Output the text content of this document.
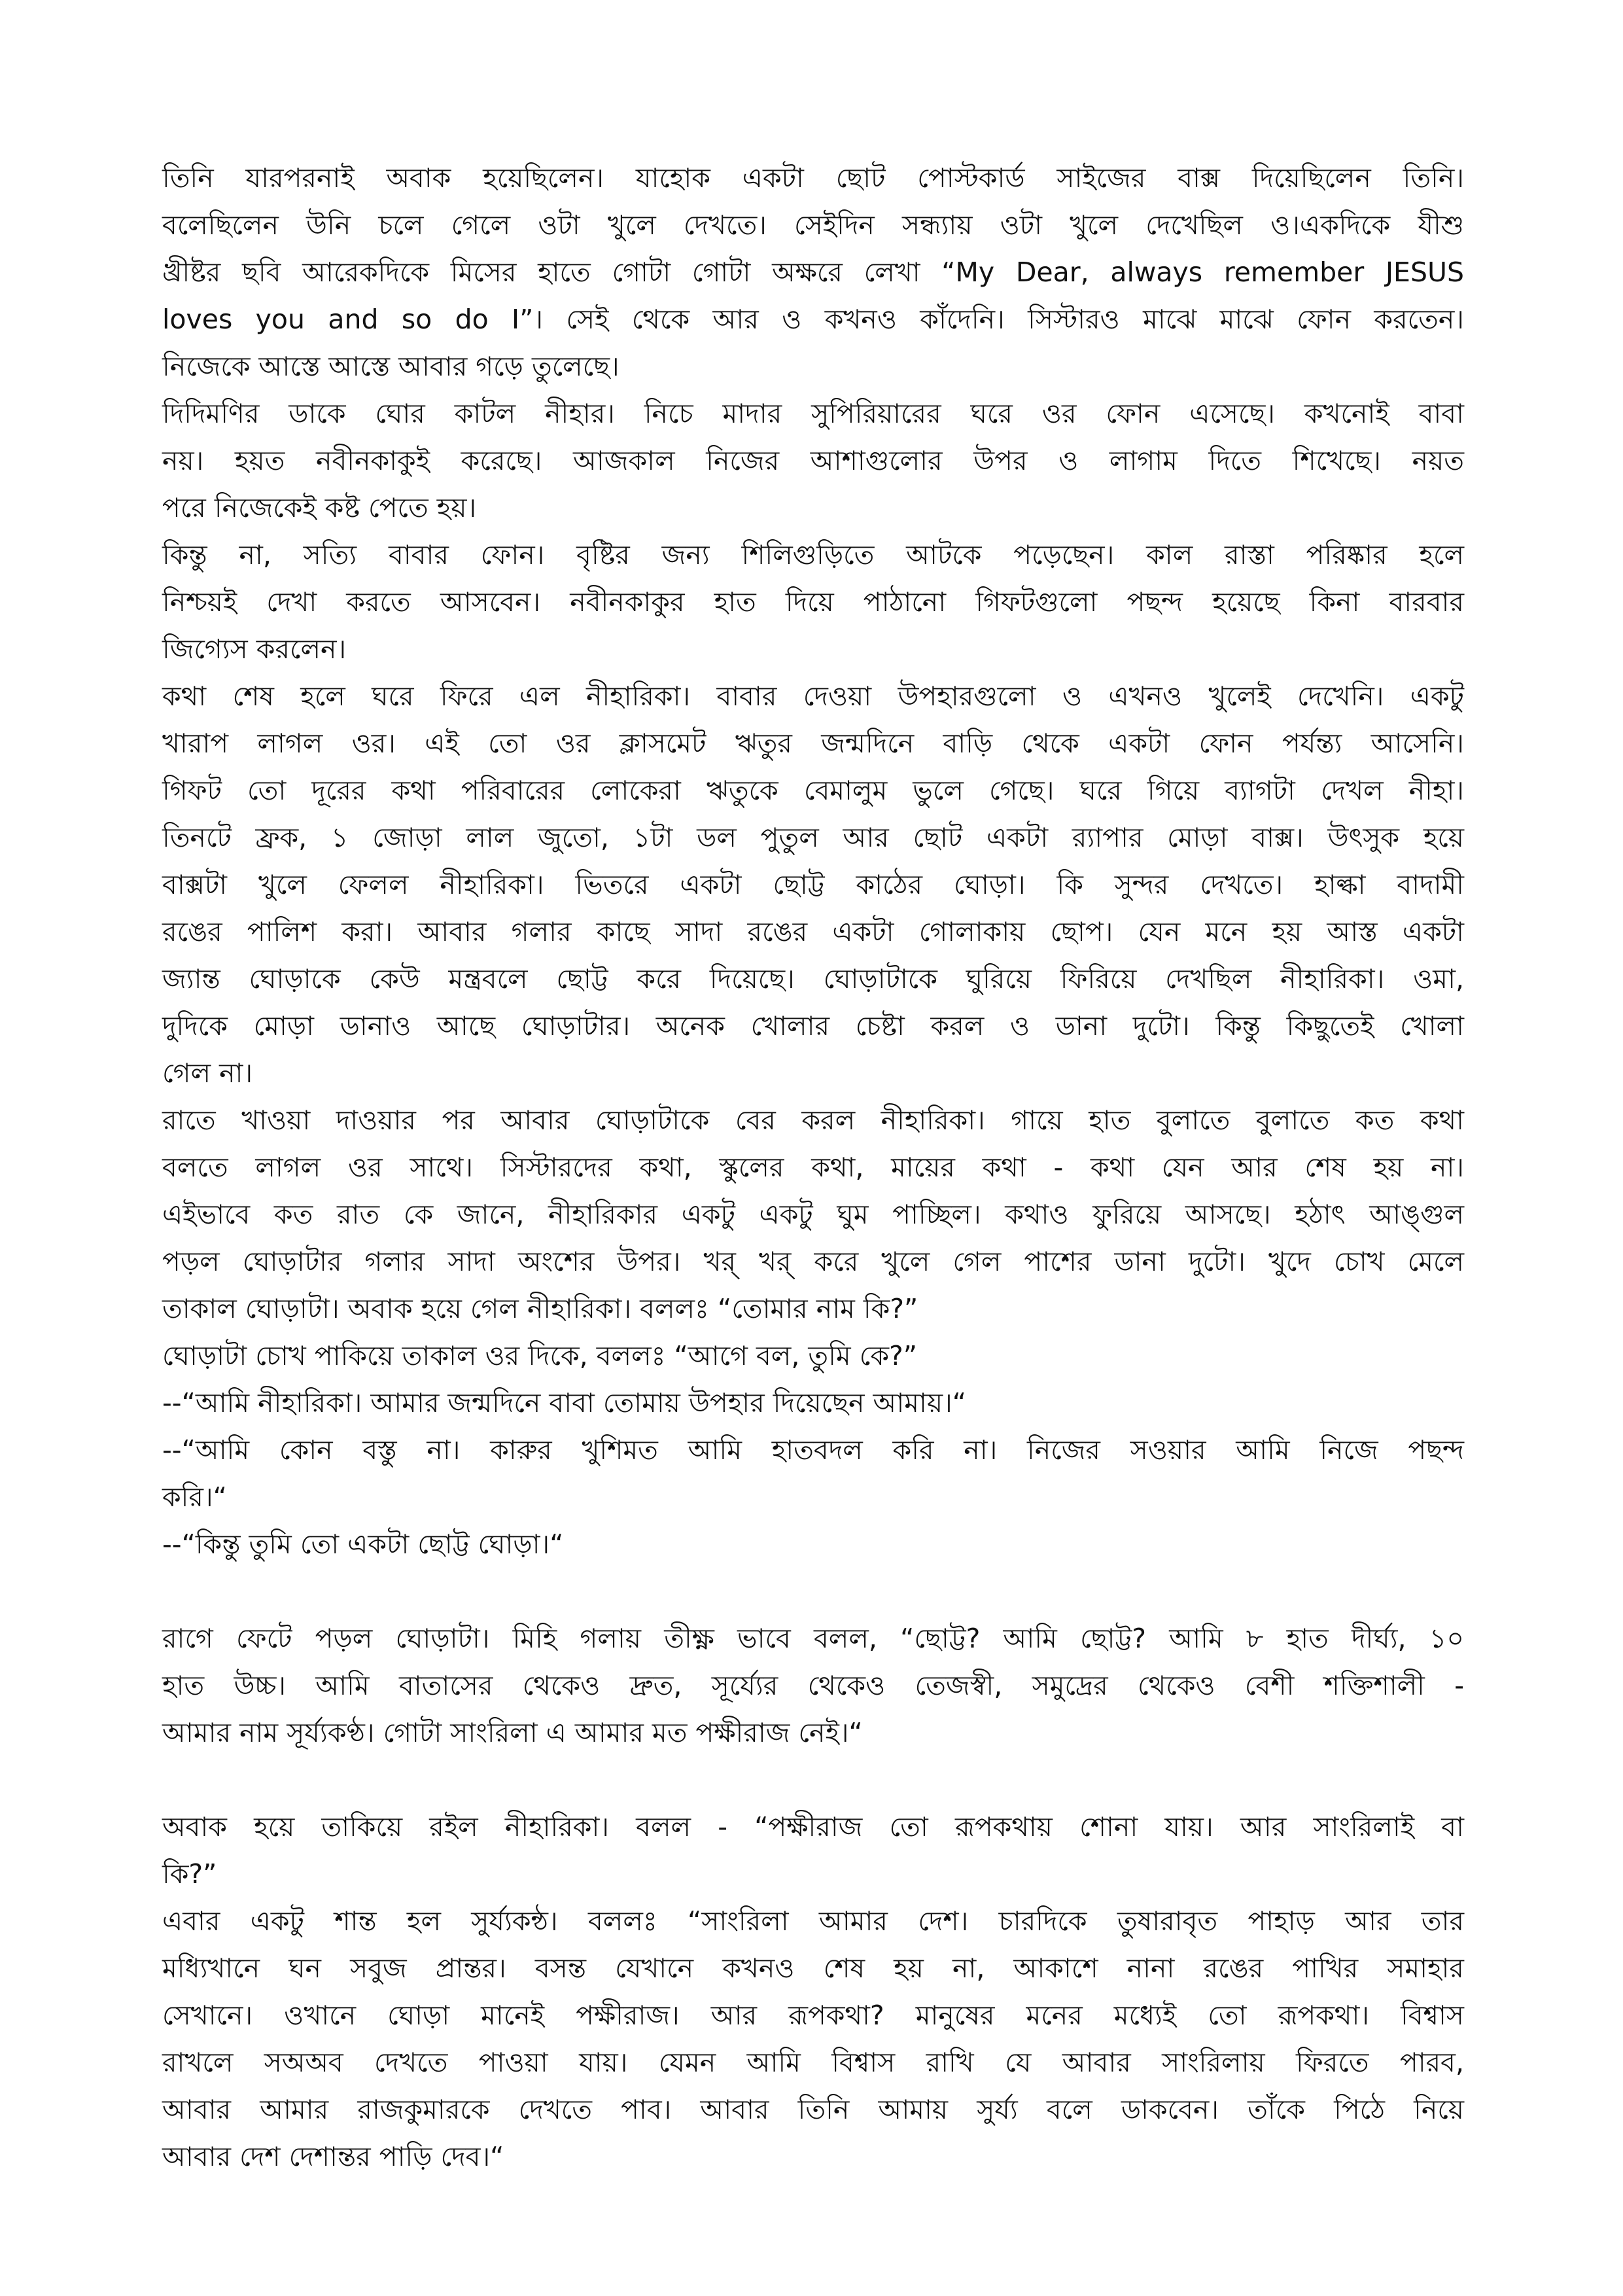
তিনি যারপরনাই অবাক হয়েছিলেন। যাহোক একটা ছোট পোস্টকার্ড সাইজের বাক্স দিয়েছিলেন তিনি।
বলেছিলেন উনি চলে গেলে ওটা খুলে দেখতে। সেইদিন সন্ধ্যায় ওটা খুলে দেখেছিল ও।একদিকে যীশু
খ্রীষ্টর ছবি আরেকদিকে মিসের হাতে গোটা গোটা অক্ষরে লেখা “My Dear, always remember JESUS
loves you and so do I”। সেই থেকে আর ও কখনও কাঁদেনি। সিস্টারও মাঝে মাঝে ফোন করতেন।
নিজেকে আস্তে আস্তে আবার গড়ে তুলেছে।
দিদিমণির ডাকে ঘোর কাটল নীহার। নিচে মাদার সুপিরিয়ারের ঘরে ওর ফোন এসেছে। কখনোই বাবা
নয়। হয়ত নবীনকাকুই করেছে। আজকাল নিজের আশাগুলোর উপর ও লাগাম দিতে শিখেছে। নয়ত
পরে নিজেকেই কষ্ট পেতে হয়।
কিন্তু না, সত্যি বাবার ফোন। বৃষ্টির জন্য শিলিগুড়িতে আটকে পড়েছেন। কাল রাস্তা পরিষ্কার হলে
নিশ্চয়ই দেখা করতে আসবেন। নবীনকাকুর হাত দিয়ে পাঠানো গিফটগুলো পছন্দ হয়েছে কিনা বারবার
জিগ্যেস করলেন।
কথা শেষ হলে ঘরে ফিরে এল নীহারিকা। বাবার দেওয়া উপহারগুলো ও এখনও খুলেই দেখেনি। একটু
খারাপ লাগল ওর। এই তো ওর ক্লাসমেট ঋতুর জন্মদিনে বাড়ি থেকে একটা ফোন পর্যন্ত্য আসেনি।
গিফট তো দূরের কথা পরিবারের লোকেরা ঋতুকে বেমালুম ভুলে গেছে। ঘরে গিয়ে ব্যাগটা দেখল নীহা।
তিনটে ফ্রক, ১ জোড়া লাল জুতো, ১টা ডল পুতুল আর ছোট একটা র‍্যাপার মোড়া বাক্স। উৎসুক হয়ে
বাক্সটা খুলে ফেলল নীহারিকা। ভিতরে একটা ছোট্ট কাঠের ঘোড়া। কি সুন্দর দেখতে। হাল্কা বাদামী
রঙের পালিশ করা। আবার গলার কাছে সাদা রঙের একটা গোলাকায় ছোপ। যেন মনে হয় আস্ত একটা
জ্যান্ত ঘোড়াকে কেউ মন্ত্রবলে ছোট্ট করে দিয়েছে। ঘোড়াটাকে ঘুরিয়ে ফিরিয়ে দেখছিল নীহারিকা। ওমা,
দুদিকে মোড়া ডানাও আছে ঘোড়াটার। অনেক খোলার চেষ্টা করল ও ডানা দুটো। কিন্তু কিছুতেই খোলা
গেল না।
রাতে খাওয়া দাওয়ার পর আবার ঘোড়াটাকে বের করল নীহারিকা। গায়ে হাত বুলাতে বুলাতে কত কথা
বলতে লাগল ওর সাথে। সিস্টারদের কথা, স্কুলের কথা, মায়ের কথা - কথা যেন আর শেষ হয় না।
এইভাবে কত রাত কে জানে, নীহারিকার একটু একটু ঘুম পাচ্ছিল। কথাও ফুরিয়ে আসছে। হঠাৎ আঙ্গুল
পড়ল ঘোড়াটার গলার সাদা অংশের উপর। খর্ খর্ করে খুলে গেল পাশের ডানা দুটো। খুদে চোখ মেলে
তাকাল ঘোড়াটা। অবাক হয়ে গেল নীহারিকা। বললঃ “তোমার নাম কি?”
ঘোড়াটা চোখ পাকিয়ে তাকাল ওর দিকে, বললঃ “আগে বল, তুমি কে?”
--“আমি নীহারিকা। আমার জন্মদিনে বাবা তোমায় উপহার দিয়েছেন আমায়।“
--“আমি কোন বস্তু না। কারুর খুশিমত আমি হাতবদল করি না। নিজের সওয়ার আমি নিজে পছন্দ
করি।“
--“কিন্তু তুমি তো একটা ছোট্ট ঘোড়া।“
রাগে ফেটে পড়ল ঘোড়াটা। মিহি গলায় তীক্ষ্ণ ভাবে বলল, “ছোট্ট? আমি ছোট্ট? আমি ৮ হাত দীর্ঘ্য, ১০
হাত উচ্চ। আমি বাতাসের থেকেও দ্রুত, সূর্য্যের থেকেও তেজস্বী, সমুদ্রের থেকেও বেশী শক্তিশালী -
আমার নাম সূর্য্যকণ্ঠ। গোটা সাংরিলা এ আমার মত পক্ষীরাজ নেই।“
অবাক হয়ে তাকিয়ে রইল নীহারিকা। বলল - “পক্ষীরাজ তো রূপকথায় শোনা যায়। আর সাংরিলাই বা
কি?”
এবার একটু শান্ত হল সুর্য্যকন্ঠ। বললঃ “সাংরিলা আমার দেশ। চারদিকে তুষারাবৃত পাহাড় আর তার
মধ্যিখানে ঘন সবুজ প্রান্তর। বসন্ত যেখানে কখনও শেষ হয় না, আকাশে নানা রঙের পাখির সমাহার
সেখানে। ওখানে ঘোড়া মানেই পক্ষীরাজ। আর রূপকথা? মানুষের মনের মধ্যেই তো রূপকথা। বিশ্বাস
রাখলে সঅঅব দেখতে পাওয়া যায়। যেমন আমি বিশ্বাস রাখি যে আবার সাংরিলায় ফিরতে পারব,
আবার আমার রাজকুমারকে দেখতে পাব। আবার তিনি আমায় সুর্য্য বলে ডাকবেন। তাঁকে পিঠে নিয়ে
আবার দেশ দেশান্তর পাড়ি দেব।“
